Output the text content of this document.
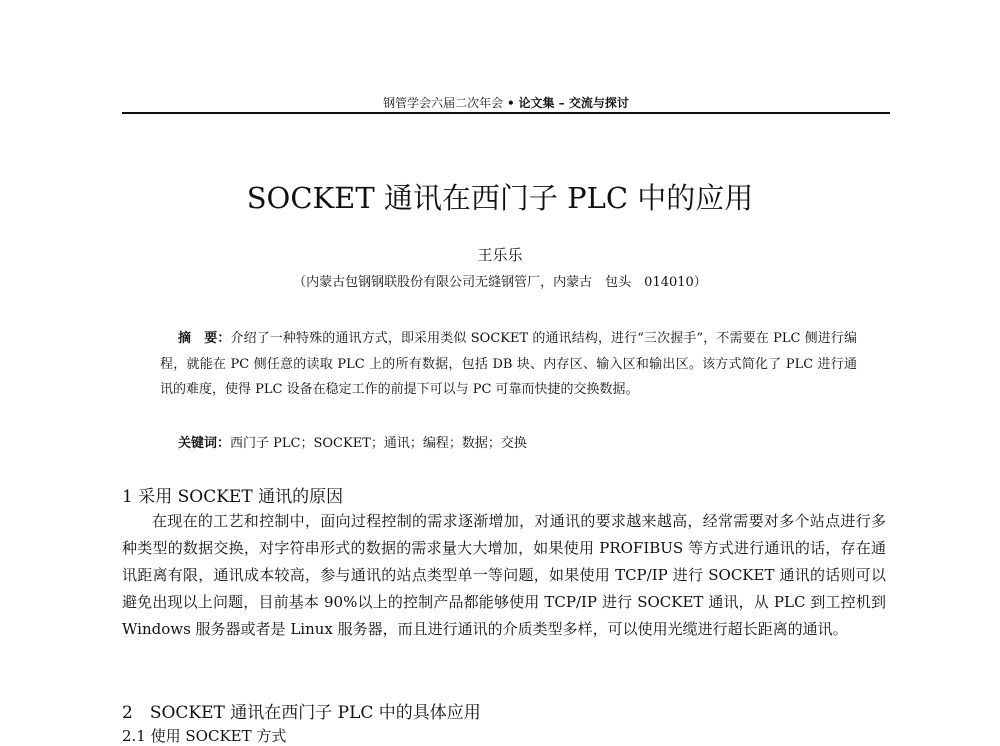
钢管学会六届二次年会 • 论文集 – 交流与探讨
SOCKET 通讯在西门子 PLC 中的应用
王乐乐
（内蒙古包钢钢联股份有限公司无缝钢管厂，内蒙古　包头　014010）
摘　要：介绍了一种特殊的通讯方式，即采用类似 SOCKET 的通讯结构，进行“三次握手”，不需要在 PLC 侧进行编程，就能在 PC 侧任意的读取 PLC 上的所有数据，包括 DB 块、内存区、输入区和输出区。该方式简化了 PLC 进行通讯的难度，使得 PLC 设备在稳定工作的前提下可以与 PC 可靠而快捷的交换数据。
关键词：西门子 PLC；SOCKET；通讯；编程；数据；交换
1 采用 SOCKET 通讯的原因
在现在的工艺和控制中，面向过程控制的需求逐渐增加，对通讯的要求越来越高，经常需要对多个站点进行多种类型的数据交换，对字符串形式的数据的需求量大大增加，如果使用 PROFIBUS 等方式进行通讯的话，存在通讯距离有限，通讯成本较高，参与通讯的站点类型单一等问题，如果使用 TCP/IP 进行 SOCKET 通讯的话则可以避免出现以上问题，目前基本 90%以上的控制产品都能够使用 TCP/IP 进行 SOCKET 通讯，从 PLC 到工控机到 Windows 服务器或者是 Linux 服务器，而且进行通讯的介质类型多样，可以使用光缆进行超长距离的通讯。
2　SOCKET 通讯在西门子 PLC 中的具体应用
2.1 使用 SOCKET 方式
